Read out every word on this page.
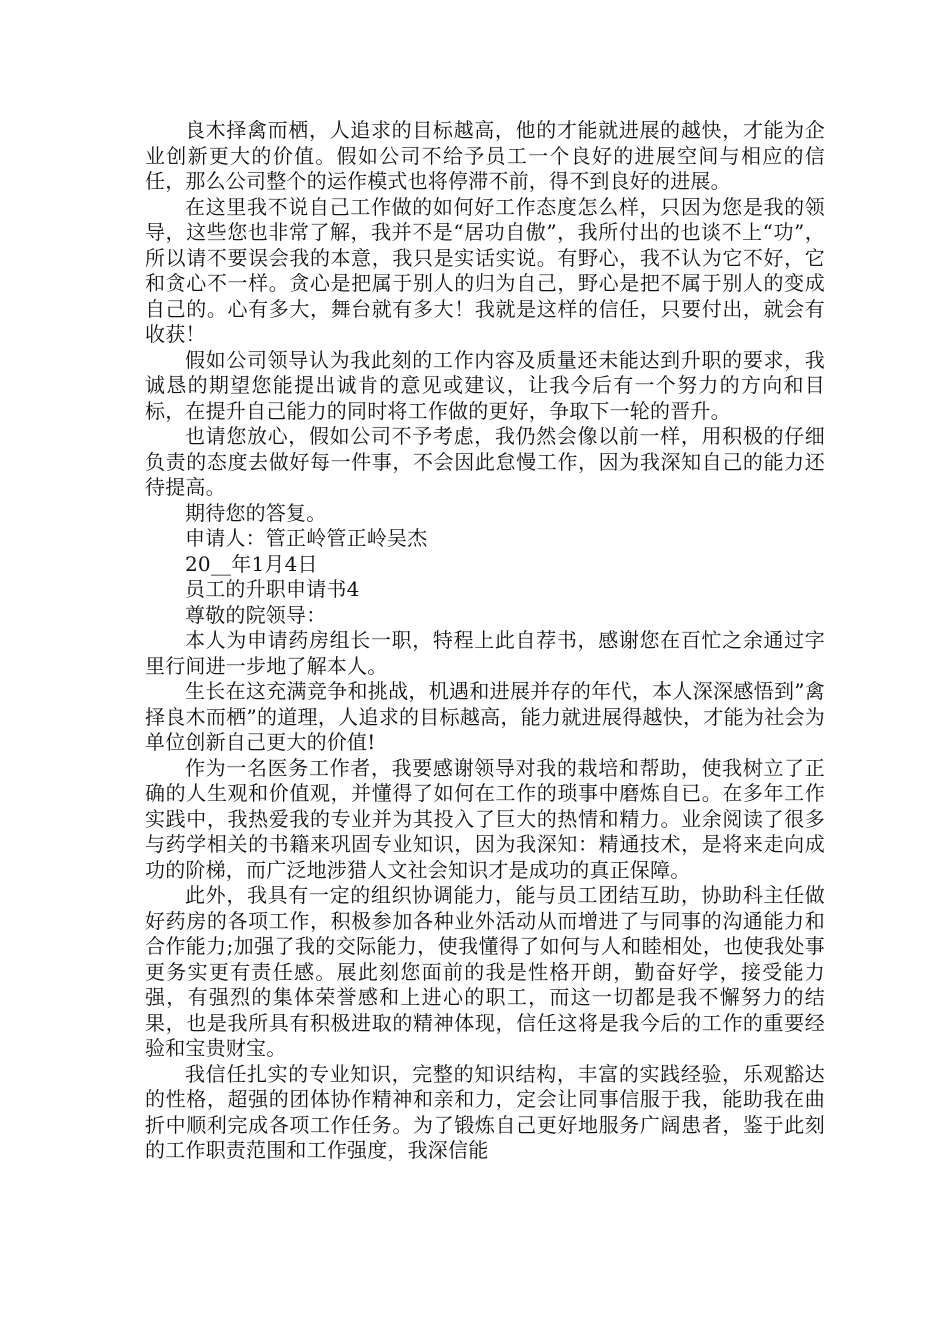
良木择禽而栖，人追求的目标越高，他的才能就进展的越快，才能为企业创新更大的价值。假如公司不给予员工一个良好的进展空间与相应的信任，那么公司整个的运作模式也将停滞不前，得不到良好的进展。

在这里我不说自己工作做的如何好工作态度怎么样，只因为您是我的领导，这些您也非常了解，我并不是“居功自傲”，我所付出的也谈不上“功”，所以请不要误会我的本意，我只是实话实说。有野心，我不认为它不好，它和贪心不一样。贪心是把属于别人的归为自己，野心是把不属于别人的变成自己的。心有多大，舞台就有多大！我就是这样的信任，只要付出，就会有收获！

假如公司领导认为我此刻的工作内容及质量还未能达到升职的要求，我诚恳的期望您能提出诚肯的意见或建议，让我今后有一个努力的方向和目标，在提升自己能力的同时将工作做的更好，争取下一轮的晋升。

也请您放心，假如公司不予考虑，我仍然会像以前一样，用积极的仔细负责的态度去做好每一件事，不会因此怠慢工作，因为我深知自己的能力还待提高。

期待您的答复。

申请人：管正岭管正岭吴杰

20__年1月4日

员工的升职申请书4

尊敬的院领导：

本人为申请药房组长一职，特程上此自荐书，感谢您在百忙之余通过字里行间进一步地了解本人。

生长在这充满竞争和挑战，机遇和进展并存的年代，本人深深感悟到”禽择良木而栖”的道理，人追求的目标越高，能力就进展得越快，才能为社会为单位创新自己更大的价值!

作为一名医务工作者，我要感谢领导对我的栽培和帮助，使我树立了正确的人生观和价值观，并懂得了如何在工作的琐事中磨炼自已。在多年工作实践中，我热爱我的专业并为其投入了巨大的热情和精力。业余阅读了很多与药学相关的书籍来巩固专业知识，因为我深知：精通技术，是将来走向成功的阶梯，而广泛地涉猎人文社会知识才是成功的真正保障。

此外，我具有一定的组织协调能力，能与员工团结互助，协助科主任做好药房的各项工作，积极参加各种业外活动从而增进了与同事的沟通能力和合作能力;加强了我的交际能力，使我懂得了如何与人和睦相处，也使我处事更务实更有责任感。展此刻您面前的我是性格开朗，勤奋好学，接受能力强，有强烈的集体荣誉感和上进心的职工，而这一切都是我不懈努力的结果，也是我所具有积极进取的精神体现，信任这将是我今后的工作的重要经验和宝贵财宝。

我信任扎实的专业知识，完整的知识结构，丰富的实践经验，乐观豁达的性格，超强的团体协作精神和亲和力，定会让同事信服于我，能助我在曲折中顺利完成各项工作任务。为了锻炼自己更好地服务广阔患者，鉴于此刻的工作职责范围和工作强度，我深信能
